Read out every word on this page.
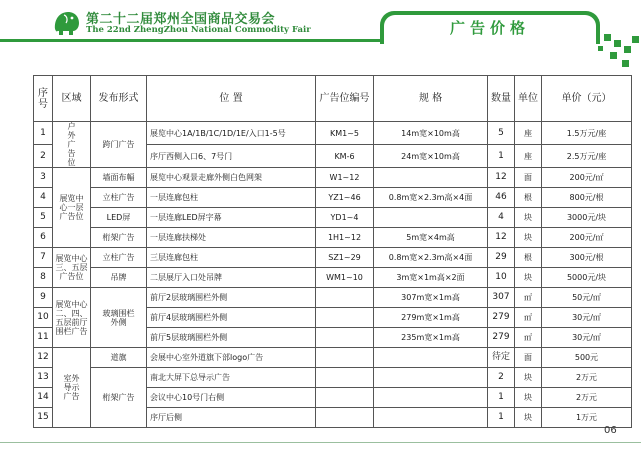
第二十二届郑州全国商品交易会
The 22nd ZhengZhou National Commodity Fair	广告价格
序号	区域	发布形式	位 置	广告位编号	规 格	数量	单位	单价（元）
1	户外广告位	跨门广告	展览中心1A/1B/1C/1D/1E/入口1-5号	KM1~5	14m宽×10m高	5	座	1.5万元/座
2			序厅西侧入口6、7号门	KM-6	24m宽×10m高	1	座	2.5万元/座
3	展览中心一层广告位	墙面布幅	展览中心观景走廊外侧白色网架	W1~12		12	面	200元/㎡
4		立柱广告	一层连廊包柱	YZ1~46	0.8m宽×2.3m高×4面	46	根	800元/根
5		LED屏	一层连廊LED屏字幕	YD1~4		4	块	3000元/块
6		桁架广告	一层连廊扶梯处	1H1~12	5m宽×4m高	12	块	200元/㎡
7	展览中心三、五层广告位	立柱广告	三层连廊包柱	SZ1~29	0.8m宽×2.3m高×4面	29	根	300元/根
8		吊牌	二层展厅入口处吊牌	WM1~10	3m宽×1m高×2面	10	块	5000元/块
9	展览中心二、四、五层前厅围栏广告	玻璃围栏外侧	前厅2层玻璃围栏外侧		307m宽×1m高	307	㎡	50元/㎡
10			前厅4层玻璃围栏外侧		279m宽×1m高	279	㎡	30元/㎡
11			前厅5层玻璃围栏外侧		235m宽×1m高	279	㎡	30元/㎡
12	室外导示广告	道旗	会展中心室外道旗下部logo广告			待定	面	500元
13		桁架广告	南北大屏下总导示广告			2	块	2万元
14			会议中心10号门右侧			1	块	2万元
15			序厅后侧			1	块	1万元
06
